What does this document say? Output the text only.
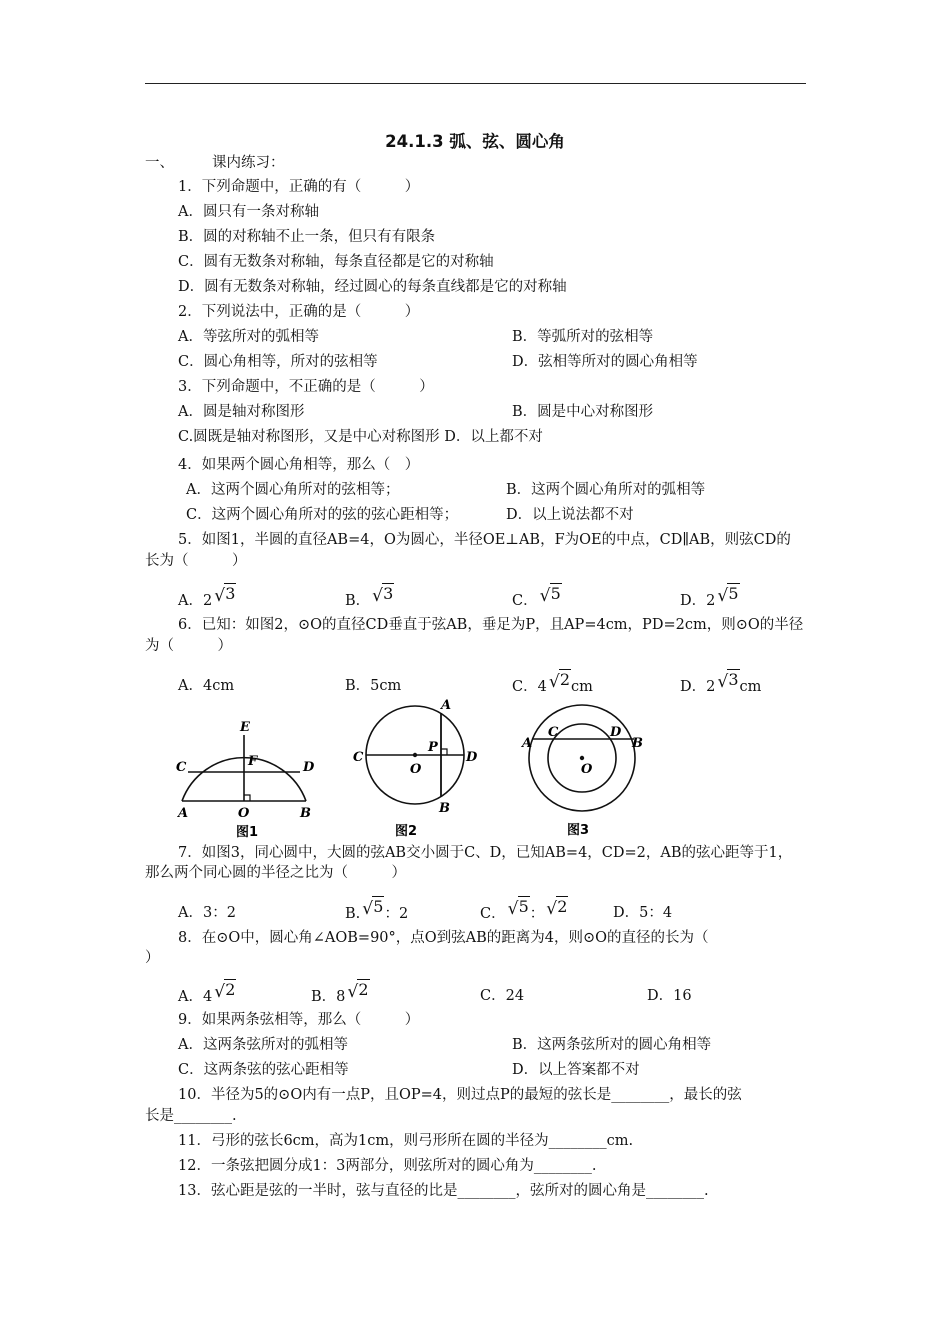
24.1.3 弧、弦、圆心角
一、	课内练习：
1．下列命题中，正确的有（　　　）
A．圆只有一条对称轴
B．圆的对称轴不止一条，但只有有限条
C．圆有无数条对称轴，每条直径都是它的对称轴
D．圆有无数条对称轴，经过圆心的每条直线都是它的对称轴
2．下列说法中，正确的是（　　　）
A．等弦所对的弧相等	B．等弧所对的弦相等
C．圆心角相等，所对的弦相等	D．弦相等所对的圆心角相等
3．下列命题中，不正确的是（　　　）
A．圆是轴对称图形	B．圆是中心对称图形
C.圆既是轴对称图形，又是中心对称图形 D．以上都不对
4．如果两个圆心角相等，那么（　）
A．这两个圆心角所对的弦相等；	B．这两个圆心角所对的弧相等
C．这两个圆心角所对的弦的弦心距相等；	D．以上说法都不对
5．如图1，半圆的直径AB=4，O为圆心，半径OE⊥AB，F为OE的中点，CD∥AB，则弦CD的
长为（　　　）
A．2 √ 3	B． √ 3	C． √ 5	D．2 √ 5
6．已知：如图2，⊙O的直径CD垂直于弦AB，垂足为P，且AP=4cm，PD=2cm，则⊙O的半径
为（　　　）
A．4cm	B．5cm	C．4 √ 2cm	D．2 √ 3cm
E
F
C	D
A	O	B
图1
A
P
C
O
D
B
图2
A
C	D
B
O
图3
7．如图3，同心圆中，大圆的弦AB交小圆于C、D，已知AB=4，CD=2，AB的弦心距等于1，
那么两个同心圆的半径之比为（　　　）
A．3：2	B. √ 5：2	C． √ 5： √ 2	D．5：4
8．在⊙O中，圆心角∠AOB=90°，点O到弦AB的距离为4，则⊙O的直径的长为（
）
A．4 √ 2	B．8 √ 2	C．24	D．16
9．如果两条弦相等，那么（　　　）
A．这两条弦所对的弧相等	B．这两条弦所对的圆心角相等
C．这两条弦的弦心距相等	D．以上答案都不对
10．半径为5的⊙O内有一点P，且OP=4，则过点P的最短的弦长是________，最长的弦
长是________.
11．弓形的弦长6cm，高为1cm，则弓形所在圆的半径为________cm.
12．一条弦把圆分成1：3两部分，则弦所对的圆心角为________.
13．弦心距是弦的一半时，弦与直径的比是________，弦所对的圆心角是________.
